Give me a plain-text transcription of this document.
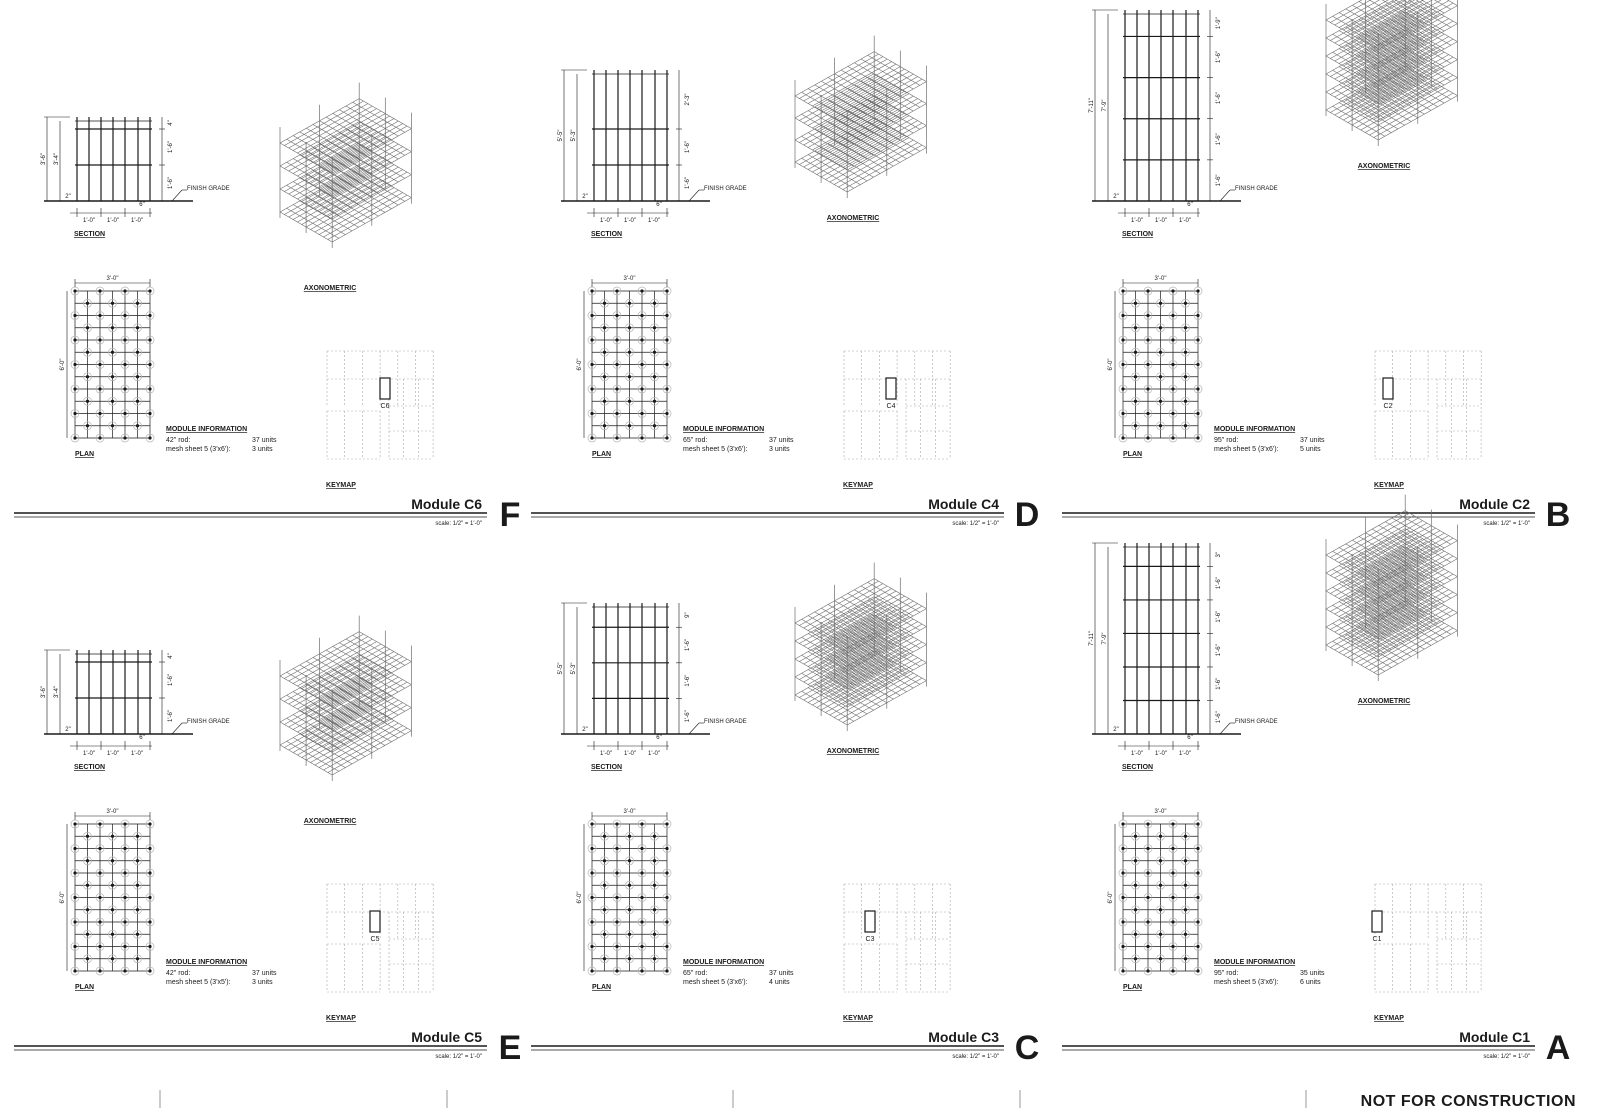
FINISH GRADE
3'-6" 3'-4"
1'-6"
1'-6"
4"
1'-0" 1'-0" 1'-0"
6"
2"
SECTION
3'-0"
6'-0"
PLAN
MODULE INFORMATION
42" rod:	37 units
mesh sheet 5 (3'x6'):	3 units
AXONOMETRIC
C6
KEYMAP
Module C6
scale: 1/2" = 1'-0" F
FINISH GRADE
5'-5" 5'-3"
1'-6"
1'-6"
2'-3"
1'-0" 1'-0" 1'-0"
6"
2"
SECTION
3'-0"
6'-0"
PLAN
MODULE INFORMATION
65" rod:	37 units
mesh sheet 5 (3'x6'):	3 units
AXONOMETRIC
C4
KEYMAP
Module C4
scale: 1/2" = 1'-0" D
FINISH GRADE
7'-11" 7'-9"
1'-6"
1'-6"
1'-6"
1'-6"
1'-9"
1'-0" 1'-0" 1'-0"
6"
2"
SECTION
3'-0"
6'-0"
PLAN
MODULE INFORMATION
95" rod:	37 units
mesh sheet 5 (3'x6'):	5 units
AXONOMETRIC
C2
KEYMAP
Module C2
scale: 1/2" = 1'-0" B
FINISH GRADE
3'-6" 3'-4"
1'-6"
1'-6"
4"
1'-0" 1'-0" 1'-0"
6"
2"
SECTION
3'-0"
6'-0"
PLAN
MODULE INFORMATION
42" rod:	37 units
mesh sheet 5 (3'x5'):	3 units
AXONOMETRIC
C5
KEYMAP
Module C5
scale: 1/2" = 1'-0" E
FINISH GRADE
5'-5" 5'-3"
1'-6"
1'-6"
1'-6"
9"
1'-0" 1'-0" 1'-0"
6"
2"
SECTION
3'-0"
6'-0"
PLAN
MODULE INFORMATION
65" rod:	37 units
mesh sheet 5 (3'x6'):	4 units
AXONOMETRIC
C3
KEYMAP
Module C3
scale: 1/2" = 1'-0" C
FINISH GRADE
7'-11" 7'-9"
1'-6"
1'-6"
1'-6"
1'-6"
1'-6"
3"
1'-0" 1'-0" 1'-0"
6"
2"
SECTION
3'-0"
6'-0"
PLAN
MODULE INFORMATION
95" rod:	35 units
mesh sheet 5 (3'x6'):	6 units
AXONOMETRIC
C1
KEYMAP
Module C1
scale: 1/2" = 1'-0" A
NOT FOR CONSTRUCTION
